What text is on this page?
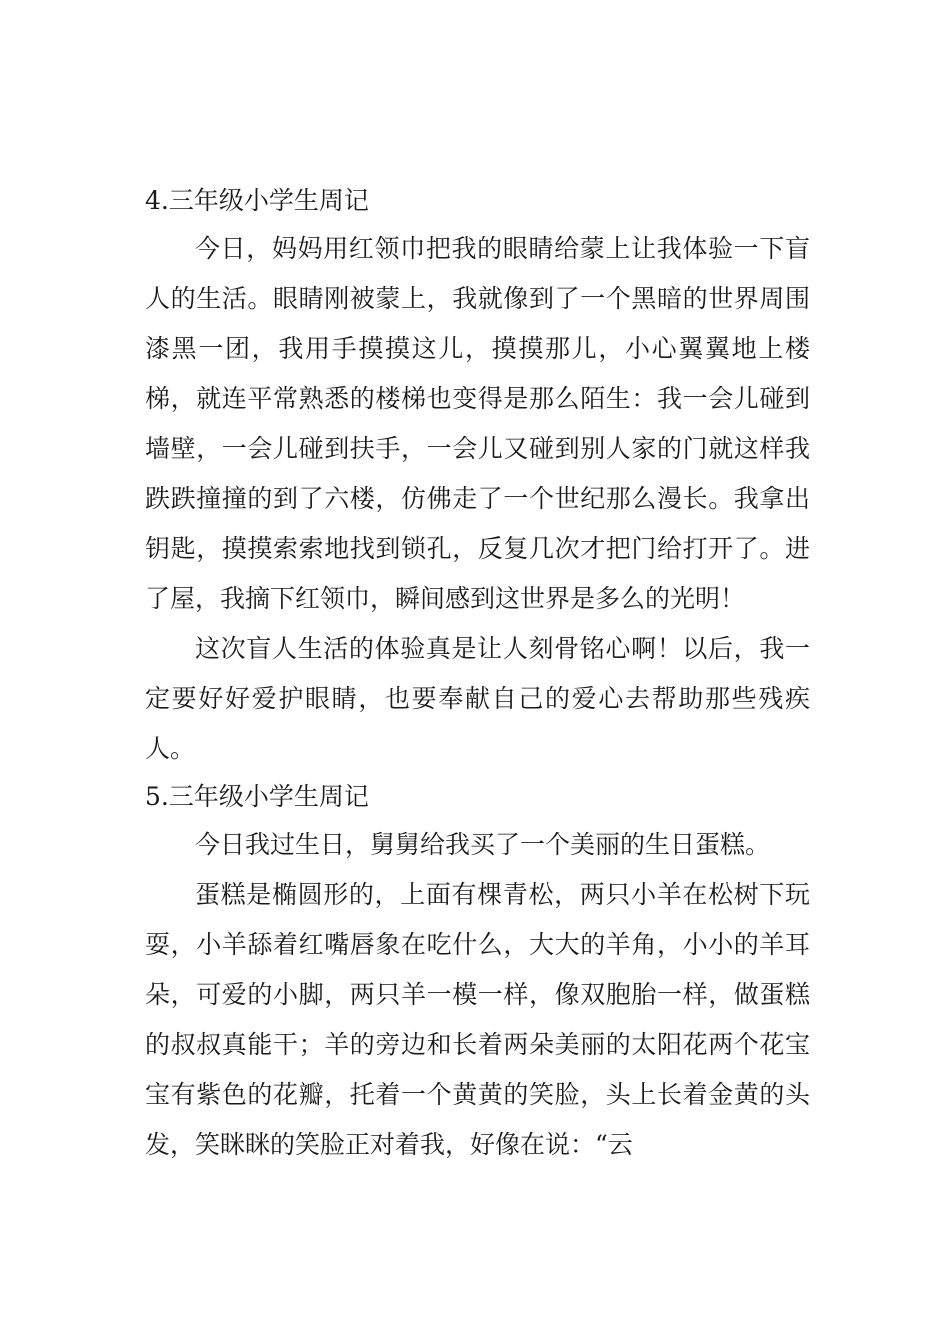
4.三年级小学生周记

今日，妈妈用红领巾把我的眼睛给蒙上让我体验一下盲人的生活。眼睛刚被蒙上，我就像到了一个黑暗的世界周围漆黑一团，我用手摸摸这儿，摸摸那儿，小心翼翼地上楼梯，就连平常熟悉的楼梯也变得是那么陌生：我一会儿碰到墙壁，一会儿碰到扶手，一会儿又碰到别人家的门就这样我跌跌撞撞的到了六楼，仿佛走了一个世纪那么漫长。我拿出钥匙，摸摸索索地找到锁孔，反复几次才把门给打开了。进了屋，我摘下红领巾，瞬间感到这世界是多么的光明！

这次盲人生活的体验真是让人刻骨铭心啊！以后，我一定要好好爱护眼睛，也要奉献自己的爱心去帮助那些残疾人。

5.三年级小学生周记

今日我过生日，舅舅给我买了一个美丽的生日蛋糕。

蛋糕是椭圆形的，上面有棵青松，两只小羊在松树下玩耍，小羊舔着红嘴唇象在吃什么，大大的羊角，小小的羊耳朵，可爱的小脚，两只羊一模一样，像双胞胎一样，做蛋糕的叔叔真能干；羊的旁边和长着两朵美丽的太阳花两个花宝宝有紫色的花瓣，托着一个黄黄的笑脸，头上长着金黄的头发，笑眯眯的笑脸正对着我，好像在说：“云
